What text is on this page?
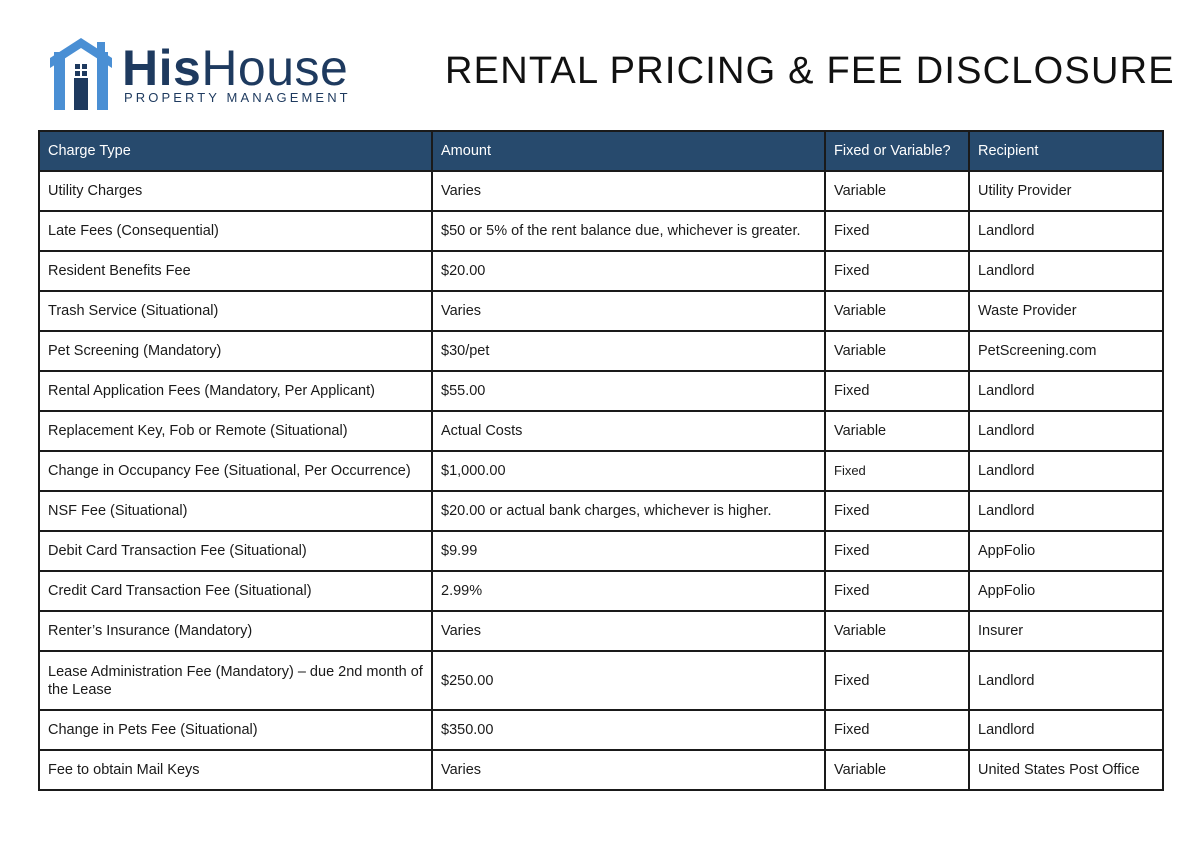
HisHouse
PROPERTY MANAGEMENT
RENTAL PRICING & FEE DISCLOSURE
Charge Type	Amount	Fixed or Variable?	Recipient
Utility Charges	Varies	Variable	Utility Provider
Late Fees (Consequential)	$50 or 5% of the rent balance due, whichever is greater.	Fixed	Landlord
Resident Benefits Fee	$20.00	Fixed	Landlord
Trash Service (Situational)	Varies	Variable	Waste Provider
Pet Screening (Mandatory)	$30/pet	Variable	PetScreening.com
Rental Application Fees (Mandatory, Per Applicant)	$55.00	Fixed	Landlord
Replacement Key, Fob or Remote (Situational)	Actual Costs	Variable	Landlord
Change in Occupancy Fee (Situational, Per Occurrence)	$1,000.00	Fixed	Landlord
NSF Fee (Situational)	$20.00 or actual bank charges, whichever is higher.	Fixed	Landlord
Debit Card Transaction Fee (Situational)	$9.99	Fixed	AppFolio
Credit Card Transaction Fee (Situational)	2.99%	Fixed	AppFolio
Renter’s Insurance (Mandatory)	Varies	Variable	Insurer
Lease Administration Fee (Mandatory) – due 2nd month of the Lease	$250.00	Fixed	Landlord
Change in Pets Fee (Situational)	$350.00	Fixed	Landlord
Fee to obtain Mail Keys	Varies	Variable	United States Post Office
